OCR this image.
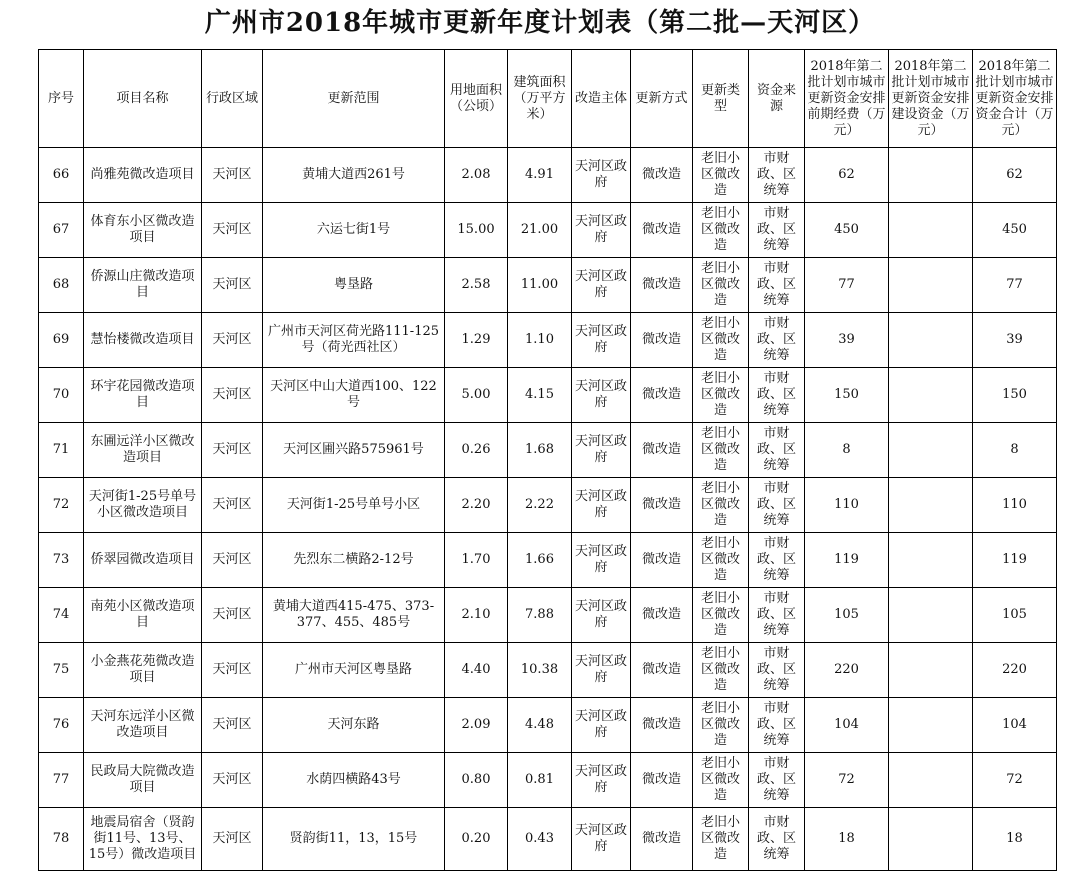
广州市2018年城市更新年度计划表（第二批—天河区）
序号	项目名称	行政区域	更新范围	用地面积（公顷）	建筑面积（万平方米）	改造主体	更新方式	更新类型	资金来源	2018年第二批计划市城市更新资金安排前期经费（万元）	2018年第二批计划市城市更新资金安排建设资金（万元）	2018年第二批计划市城市更新资金安排资金合计（万元）
66	尚雅苑微改造项目	天河区	黄埔大道西261号	2.08	4.91	天河区政府	微改造	老旧小区微改造	市财政、区统筹	62		62
67	体育东小区微改造项目	天河区	六运七街1号	15.00	21.00	天河区政府	微改造	老旧小区微改造	市财政、区统筹	450		450
68	侨源山庄微改造项目	天河区	粤垦路	2.58	11.00	天河区政府	微改造	老旧小区微改造	市财政、区统筹	77		77
69	慧怡楼微改造项目	天河区	广州市天河区荷光路111-125号（荷光西社区）	1.29	1.10	天河区政府	微改造	老旧小区微改造	市财政、区统筹	39		39
70	环宇花园微改造项目	天河区	天河区中山大道西100、122号	5.00	4.15	天河区政府	微改造	老旧小区微改造	市财政、区统筹	150		150
71	东圃远洋小区微改造项目	天河区	天河区圃兴路575961号	0.26	1.68	天河区政府	微改造	老旧小区微改造	市财政、区统筹	8		8
72	天河街1-25号单号小区微改造项目	天河区	天河街1-25号单号小区	2.20	2.22	天河区政府	微改造	老旧小区微改造	市财政、区统筹	110		110
73	侨翠园微改造项目	天河区	先烈东二横路2-12号	1.70	1.66	天河区政府	微改造	老旧小区微改造	市财政、区统筹	119		119
74	南苑小区微改造项目	天河区	黄埔大道西415-475、373-377、455、485号	2.10	7.88	天河区政府	微改造	老旧小区微改造	市财政、区统筹	105		105
75	小金燕花苑微改造项目	天河区	广州市天河区粤垦路	4.40	10.38	天河区政府	微改造	老旧小区微改造	市财政、区统筹	220		220
76	天河东远洋小区微改造项目	天河区	天河东路	2.09	4.48	天河区政府	微改造	老旧小区微改造	市财政、区统筹	104		104
77	民政局大院微改造项目	天河区	水荫四横路43号	0.80	0.81	天河区政府	微改造	老旧小区微改造	市财政、区统筹	72		72
78	地震局宿舍（贤韵街11号、13号、15号）微改造项目	天河区	贤韵街11，13，15号	0.20	0.43	天河区政府	微改造	老旧小区微改造	市财政、区统筹	18		18
